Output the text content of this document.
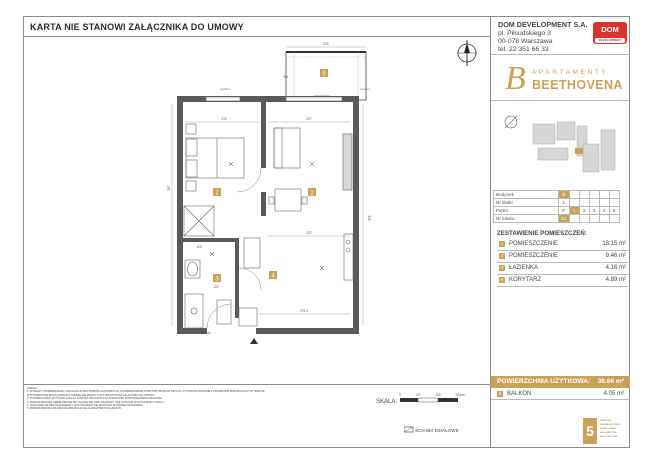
KARTA NIE STANOWI ZAŁĄCZNIKA DO UMOWY	DOM DEVELOPMENT S.A.
pl. Piłsudskiego 3
00-078 Warszawa
tel. 22 351 66 33
DOM
DEVELOPMENT
B APARTAMENTY
BEETHOVENA
5
240
219	297
422
275.3
316
267
125
102
301
130
symbol	symbol
1
2
3	4
Budynek	B					
Nr klatki	1					
Piętro	P	1	2	3	4	5
Nr lokalu	B1					
ZESTAWIENIE POMIESZCZEŃ:
1 POMIESZCZENIE	18.15 m²
2 POMIESZCZENIE	9.46 m²
3 ŁAZIENKA	4.16 m²
4 KORYTARZ	4.89 m²
POWIERZCHNIA UŻYTKOWA: 36.66 m²
5 BALKON	4.05 m²

UWAGA:

1. WYMIARY, POWIERZCHNIE, LOKALIZACJA PRZYBORÓW SANITARNYCH, ROZMIESZCZENIE PUNKTÓW INSTALACYJNYCH I IT, PODANO ZGODNIE Z PROJEKTEM BUDOWLANYM. W TRAKCIE

WYKONAWSTWA MOGĄ NASTĄPIĆ NIEWIELKIE ZMIANY. RZUT NIE STANOWI ZAŁĄCZNIKA DO UMOWY.

2. POWIERZCHNIA UŻYTKOWA LOKALU ZOSTAŁA OBLICZONA NA PODSTAWIE ROZPORZĄDZENIA MINISTRA.

3. PRZEDSTAWIONE UMEBLOWANIE MA CHARAKTER PRZYKŁADOWY I NIE STANOWI WYPOSAŻENIA LOKALU.

4. POKAZANE NA RZUCIE ELEMENTY WYKOŃCZENIA NIE WCHODZĄ W ZAKRES STANDARDU.

5. PRZEDSTAWIONA NA RZUCIE ARANŻACJA MA CHARAKTER POGLĄDOWY.

SKALA:
0	100	200	300cm
ŚCIANKI DZIAŁOWE	5
NAGRODA
DLA NAJLEPSZEGO
DEWELOPERA
BUDOWNICTWO
ARCHITEKTURA
